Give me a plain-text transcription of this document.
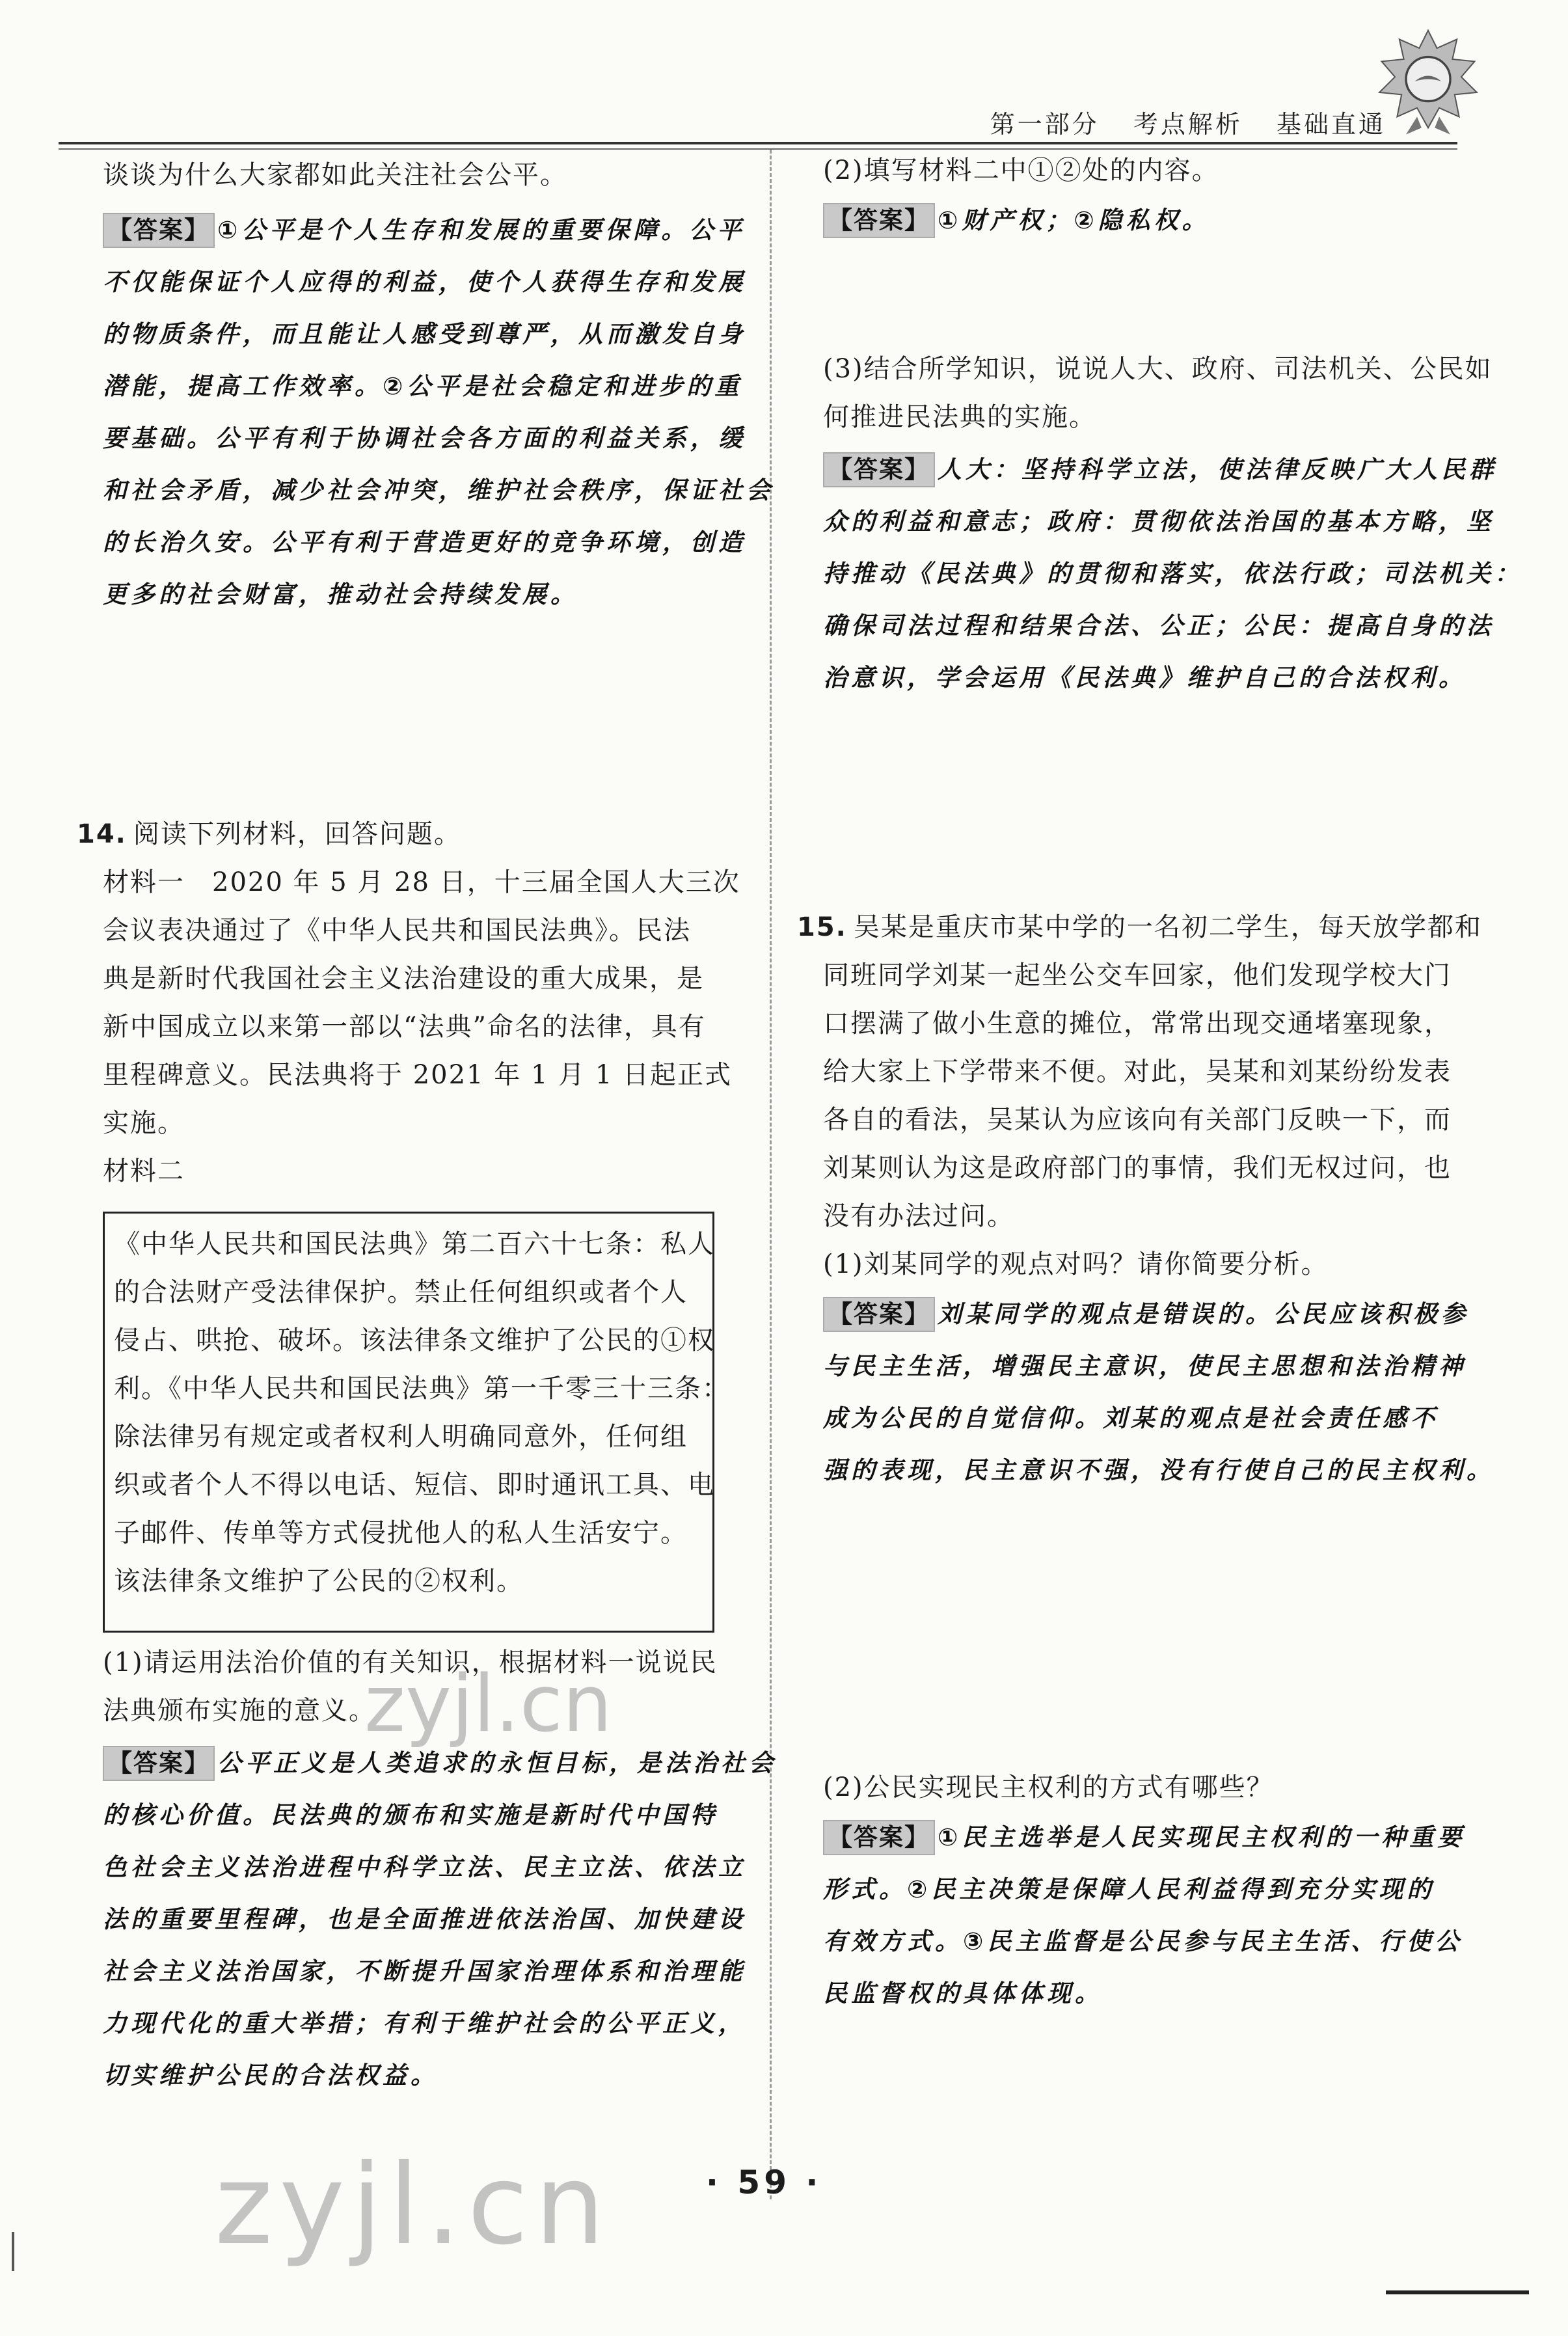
第一部分 考点解析 基础直通
谈谈为什么大家都如此关注社会公平。
【答案】 ①公平是个人生存和发展的重要保障。公平
不仅能保证个人应得的利益，使个人获得生存和发展
的物质条件，而且能让人感受到尊严，从而激发自身
潜能，提高工作效率。②公平是社会稳定和进步的重
要基础。公平有利于协调社会各方面的利益关系，缓
和社会矛盾，减少社会冲突，维护社会秩序，保证社会
的长治久安。公平有利于营造更好的竞争环境，创造
更多的社会财富，推动社会持续发展。
14. 阅读下列材料，回答问题。
材料一　2020 年 5 月 28 日，十三届全国人大三次
会议表决通过了《中华人民共和国民法典》。民法
典是新时代我国社会主义法治建设的重大成果，是
新中国成立以来第一部以“法典”命名的法律，具有
里程碑意义。民法典将于 2021 年 1 月 1 日起正式
实施。
材料二
《中华人民共和国民法典》第二百六十七条：私人
的合法财产受法律保护。禁止任何组织或者个人
侵占、哄抢、破坏。该法律条文维护了公民的①权
利。《中华人民共和国民法典》第一千零三十三条：
除法律另有规定或者权利人明确同意外，任何组
织或者个人不得以电话、短信、即时通讯工具、电
子邮件、传单等方式侵扰他人的私人生活安宁。
该法律条文维护了公民的②权利。
(1)请运用法治价值的有关知识，根据材料一说说民
法典颁布实施的意义。
【答案】 公平正义是人类追求的永恒目标，是法治社会
的核心价值。民法典的颁布和实施是新时代中国特
色社会主义法治进程中科学立法、民主立法、依法立
法的重要里程碑，也是全面推进依法治国、加快建设
社会主义法治国家，不断提升国家治理体系和治理能
力现代化的重大举措；有利于维护社会的公平正义，
切实维护公民的合法权益。
(2)填写材料二中①②处的内容。
【答案】 ①财产权；②隐私权。
(3)结合所学知识，说说人大、政府、司法机关、公民如
何推进民法典的实施。
【答案】 人大：坚持科学立法，使法律反映广大人民群
众的利益和意志；政府：贯彻依法治国的基本方略，坚
持推动《民法典》的贯彻和落实，依法行政；司法机关：
确保司法过程和结果合法、公正；公民：提高自身的法
治意识，学会运用《民法典》维护自己的合法权利。
15. 吴某是重庆市某中学的一名初二学生，每天放学都和
同班同学刘某一起坐公交车回家，他们发现学校大门
口摆满了做小生意的摊位，常常出现交通堵塞现象，
给大家上下学带来不便。对此，吴某和刘某纷纷发表
各自的看法，吴某认为应该向有关部门反映一下，而
刘某则认为这是政府部门的事情，我们无权过问，也
没有办法过问。
(1)刘某同学的观点对吗？请你简要分析。
【答案】 刘某同学的观点是错误的。公民应该积极参
与民主生活，增强民主意识，使民主思想和法治精神
成为公民的自觉信仰。刘某的观点是社会责任感不
强的表现，民主意识不强，没有行使自己的民主权利。
(2)公民实现民主权利的方式有哪些？
【答案】 ①民主选举是人民实现民主权利的一种重要
形式。②民主决策是保障人民利益得到充分实现的
有效方式。③民主监督是公民参与民主生活、行使公
民监督权的具体体现。
zyjl.cn
· 59 ·
zyjl.cn
